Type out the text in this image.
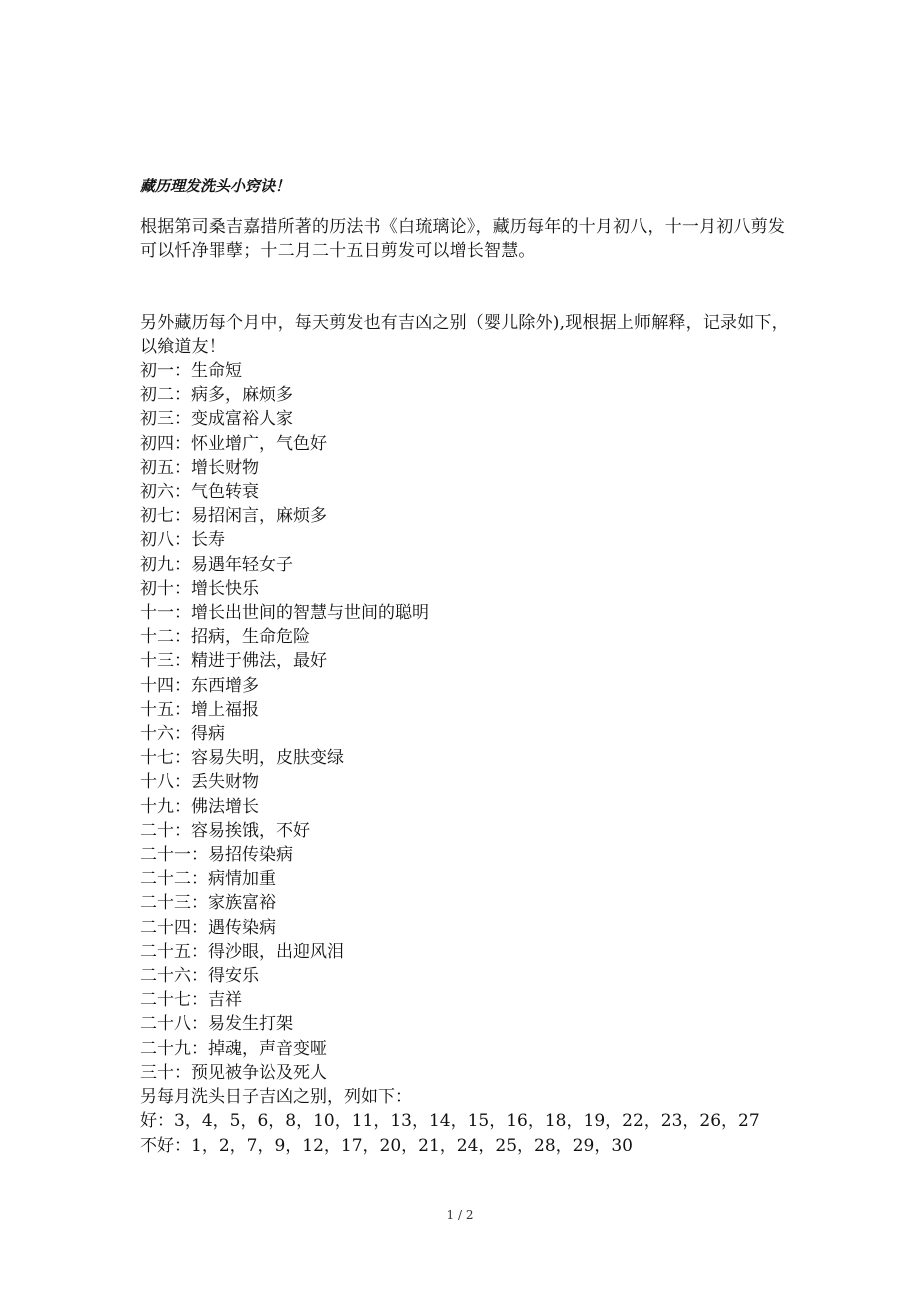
藏历理发洗头小窍诀！

根据第司桑吉嘉措所著的历法书《白琉璃论》，藏历每年的十月初八，十一月初八剪发可以忏净罪孽；十二月二十五日剪发可以增长智慧。

另外藏历每个月中，每天剪发也有吉凶之别（婴儿除外),现根据上师解释，记录如下，以飨道友！

初一：生命短
初二：病多，麻烦多
初三：变成富裕人家
初四：怀业增广，气色好
初五：增长财物
初六：气色转衰
初七：易招闲言，麻烦多
初八：长寿
初九：易遇年轻女子
初十：增长快乐
十一：增长出世间的智慧与世间的聪明
十二：招病，生命危险
十三：精进于佛法，最好
十四：东西增多
十五：增上福报
十六：得病
十七：容易失明，皮肤变绿
十八：丢失财物
十九：佛法增长
二十：容易挨饿，不好
二十一：易招传染病
二十二：病情加重
二十三：家族富裕
二十四：遇传染病
二十五：得沙眼，出迎风泪
二十六：得安乐
二十七：吉祥
二十八：易发生打架
二十九：掉魂，声音变哑
三十：预见被争讼及死人
另每月洗头日子吉凶之别，列如下：
好：3，4，5，6，8，10，11，13，14，15，16，18，19，22，23，26，27
不好：1，2，7，9，12，17，20，21，24，25，28，29，30
1 / 2
